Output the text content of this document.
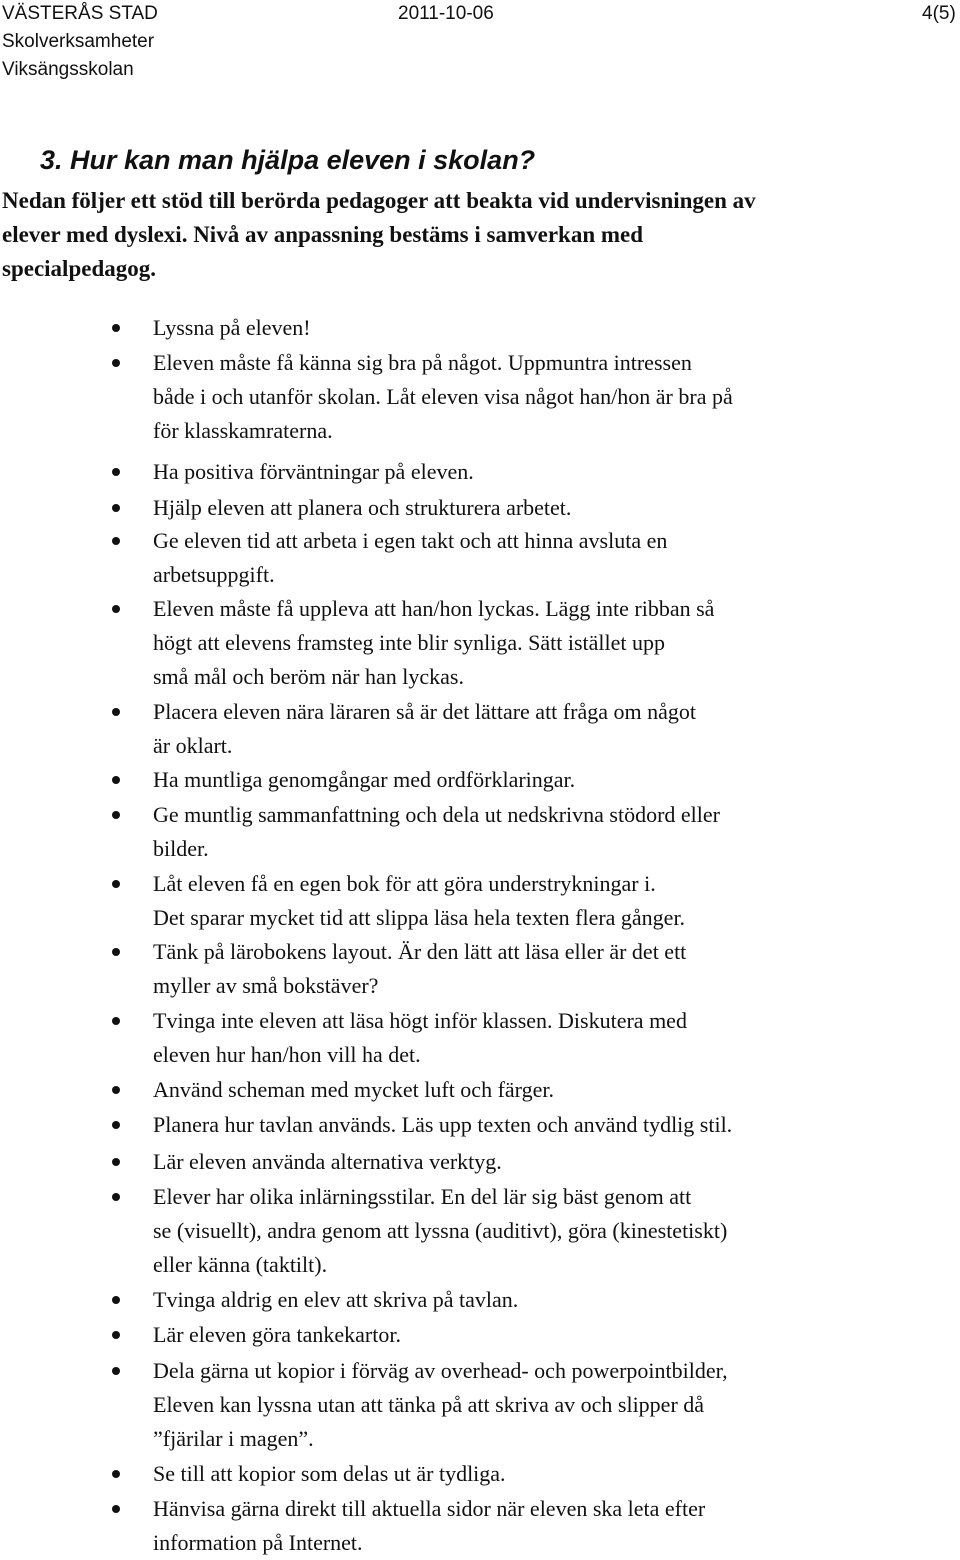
VÄSTERÅS STAD
Skolverksamheter
Viksängsskolan
2011-10-06	4(5)
3. Hur kan man hjälpa eleven i skolan?

Nedan följer ett stöd till berörda pedagoger att beakta vid undervisningen av
elever med dyslexi. Nivå av anpassning bestäms i samverkan med
specialpedagog.

Lyssna på eleven!
Eleven måste få känna sig bra på något. Uppmuntra intressen
både i och utanför skolan. Låt eleven visa något han/hon är bra på
för klasskamraterna.
Ha positiva förväntningar på eleven.
Hjälp eleven att planera och strukturera arbetet.
Ge eleven tid att arbeta i egen takt och att hinna avsluta en
arbetsuppgift.
Eleven måste få uppleva att han/hon lyckas. Lägg inte ribban så
högt att elevens framsteg inte blir synliga. Sätt istället upp
små mål och beröm när han lyckas.
Placera eleven nära läraren så är det lättare att fråga om något
är oklart.
Ha muntliga genomgångar med ordförklaringar.
Ge muntlig sammanfattning och dela ut nedskrivna stödord eller
bilder.
Låt eleven få en egen bok för att göra understrykningar i.
Det sparar mycket tid att slippa läsa hela texten flera gånger.
Tänk på lärobokens layout. Är den lätt att läsa eller är det ett
myller av små bokstäver?
Tvinga inte eleven att läsa högt inför klassen. Diskutera med
eleven hur han/hon vill ha det.
Använd scheman med mycket luft och färger.
Planera hur tavlan används. Läs upp texten och använd tydlig stil.
Lär eleven använda alternativa verktyg.
Elever har olika inlärningsstilar. En del lär sig bäst genom att
se (visuellt), andra genom att lyssna (auditivt), göra (kinestetiskt)
eller känna (taktilt).
Tvinga aldrig en elev att skriva på tavlan.
Lär eleven göra tankekartor.
Dela gärna ut kopior i förväg av overhead- och powerpointbilder,
Eleven kan lyssna utan att tänka på att skriva av och slipper då
”fjärilar i magen”.
Se till att kopior som delas ut är tydliga.
Hänvisa gärna direkt till aktuella sidor när eleven ska leta efter
information på Internet.
